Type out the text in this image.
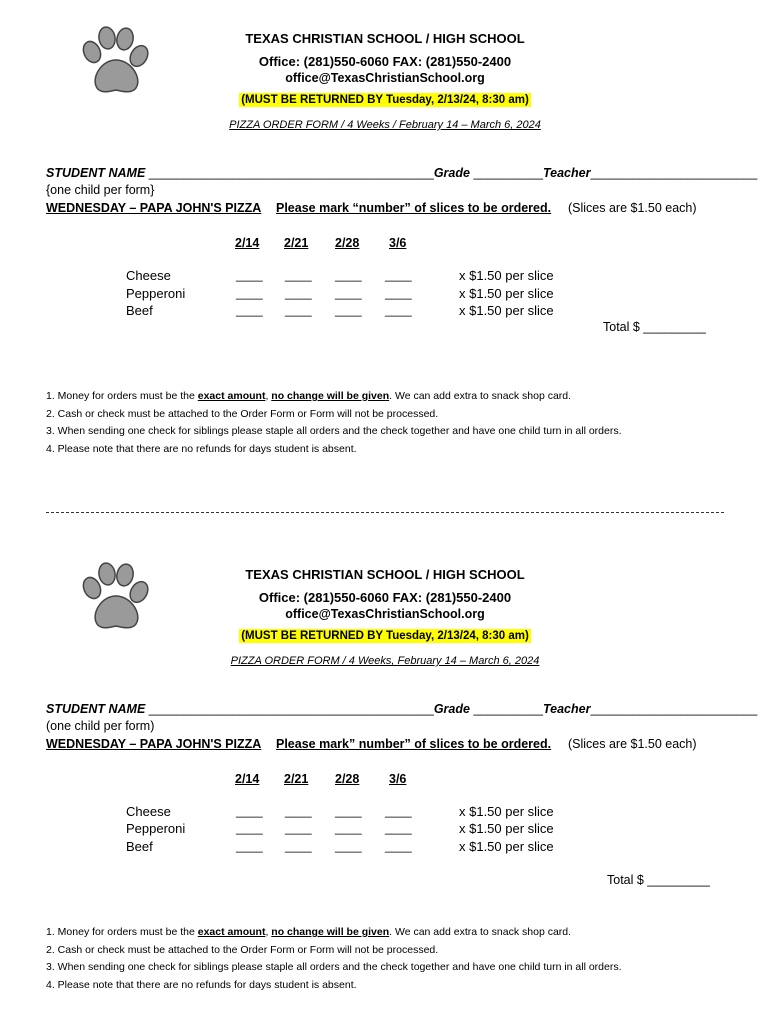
TEXAS CHRISTIAN SCHOOL / HIGH SCHOOL
Office: (281)550-6060 FAX: (281)550-2400
office@TexasChristianSchool.org
(MUST BE RETURNED BY Tuesday, 2/13/24, 8:30 am)
PIZZA ORDER FORM / 4 Weeks / February 14 – March 6, 2024
STUDENT NAME _________________________________________Grade __________Teacher________________________
{one child per form}
WEDNESDAY – PAPA JOHN'S PIZZA Please mark “number” of slices to be ordered. (Slices are $1.50 each)
2/14 2/21 2/28 3/6
Cheese
Pepperoni
Beef
____ ____ ____ ____
____ ____ ____ ____
____ ____ ____ ____
x $1.50 per slice
x $1.50 per slice
x $1.50 per slice
Total $ _________
1. Money for orders must be the exact amount, no change will be given. We can add extra to snack shop card.
2. Cash or check must be attached to the Order Form or Form will not be processed.
3. When sending one check for siblings please staple all orders and the check together and have one child turn in all orders.
4. Please note that there are no refunds for days student is absent.
TEXAS CHRISTIAN SCHOOL / HIGH SCHOOL
Office: (281)550-6060 FAX: (281)550-2400
office@TexasChristianSchool.org
(MUST BE RETURNED BY Tuesday, 2/13/24, 8:30 am)
PIZZA ORDER FORM / 4 Weeks, February 14 – March 6, 2024
STUDENT NAME _________________________________________Grade __________Teacher________________________
(one child per form)
WEDNESDAY – PAPA JOHN'S PIZZA Please mark” number” of slices to be ordered. (Slices are $1.50 each)
2/14 2/21 2/28 3/6
Cheese
Pepperoni
Beef
____ ____ ____ ____
____ ____ ____ ____
____ ____ ____ ____
x $1.50 per slice
x $1.50 per slice
x $1.50 per slice
Total $ _________
1. Money for orders must be the exact amount, no change will be given. We can add extra to snack shop card.
2. Cash or check must be attached to the Order Form or Form will not be processed.
3. When sending one check for siblings please staple all orders and the check together and have one child turn in all orders.
4. Please note that there are no refunds for days student is absent.
